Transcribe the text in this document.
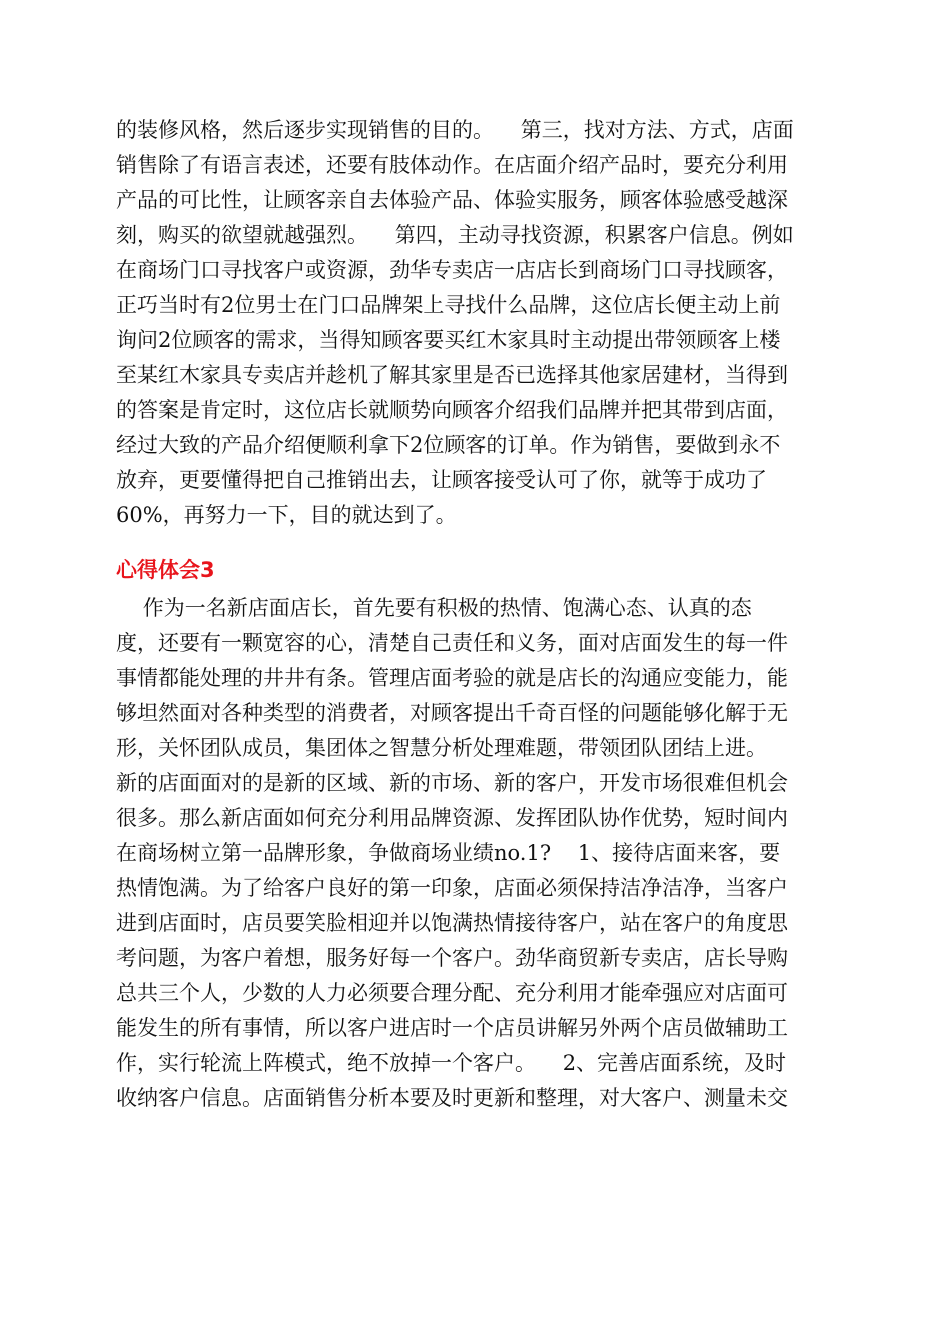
的装修风格，然后逐步实现销售的目的。    第三，找对方法、方式，店面
销售除了有语言表述，还要有肢体动作。在店面介绍产品时，要充分利用
产品的可比性，让顾客亲自去体验产品、体验实服务，顾客体验感受越深
刻，购买的欲望就越强烈。    第四，主动寻找资源，积累客户信息。例如
在商场门口寻找客户或资源，劲华专卖店一店店长到商场门口寻找顾客，
正巧当时有2位男士在门口品牌架上寻找什么品牌，这位店长便主动上前
询问2位顾客的需求，当得知顾客要买红木家具时主动提出带领顾客上楼
至某红木家具专卖店并趁机了解其家里是否已选择其他家居建材，当得到
的答案是肯定时，这位店长就顺势向顾客介绍我们品牌并把其带到店面，
经过大致的产品介绍便顺利拿下2位顾客的订单。作为销售，要做到永不
放弃，更要懂得把自己推销出去，让顾客接受认可了你，就等于成功了
60%，再努力一下，目的就达到了。
心得体会3
作为一名新店面店长，首先要有积极的热情、饱满心态、认真的态
度，还要有一颗宽容的心，清楚自己责任和义务，面对店面发生的每一件
事情都能处理的井井有条。管理店面考验的就是店长的沟通应变能力，能
够坦然面对各种类型的消费者，对顾客提出千奇百怪的问题能够化解于无
形，关怀团队成员，集团体之智慧分析处理难题，带领团队团结上进。
新的店面面对的是新的区域、新的市场、新的客户，开发市场很难但机会
很多。那么新店面如何充分利用品牌资源、发挥团队协作优势，短时间内
在商场树立第一品牌形象，争做商场业绩no.1?    1、接待店面来客，要
热情饱满。为了给客户良好的第一印象，店面必须保持洁净洁净，当客户
进到店面时，店员要笑脸相迎并以饱满热情接待客户，站在客户的角度思
考问题，为客户着想，服务好每一个客户。劲华商贸新专卖店，店长导购
总共三个人，少数的人力必须要合理分配、充分利用才能牵强应对店面可
能发生的所有事情，所以客户进店时一个店员讲解另外两个店员做辅助工
作，实行轮流上阵模式，绝不放掉一个客户。    2、完善店面系统，及时
收纳客户信息。店面销售分析本要及时更新和整理，对大客户、测量未交
